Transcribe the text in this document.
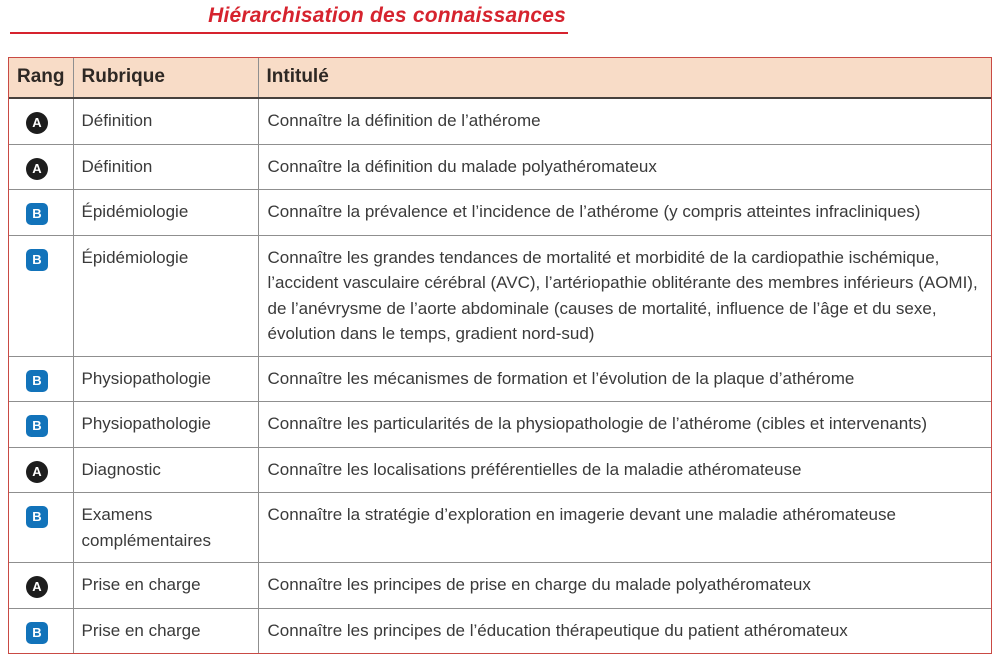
Hiérarchisation des connaissances
Rang	Rubrique	Intitulé
A	Définition	Connaître la définition de l’athérome
A	Définition	Connaître la définition du malade polyathéromateux
B	Épidémiologie	Connaître la prévalence et l’incidence de l’athérome (y compris atteintes infracliniques)
B	Épidémiologie	Connaître les grandes tendances de mortalité et morbidité de la cardiopathie ischémique, l’accident vasculaire cérébral (AVC), l’artériopathie oblitérante des membres inférieurs (AOMI), de l’anévrysme de l’aorte abdominale (causes de mortalité, influence de l’âge et du sexe, évolution dans le temps, gradient nord-sud)
B	Physiopathologie	Connaître les mécanismes de formation et l’évolution de la plaque d’athérome
B	Physiopathologie	Connaître les particularités de la physiopathologie de l’athérome (cibles et intervenants)
A	Diagnostic	Connaître les localisations préférentielles de la maladie athéromateuse
B	Examens complémentaires	Connaître la stratégie d’exploration en imagerie devant une maladie athéromateuse
A	Prise en charge	Connaître les principes de prise en charge du malade polyathéromateux
B	Prise en charge	Connaître les principes de l’éducation thérapeutique du patient athéromateux
